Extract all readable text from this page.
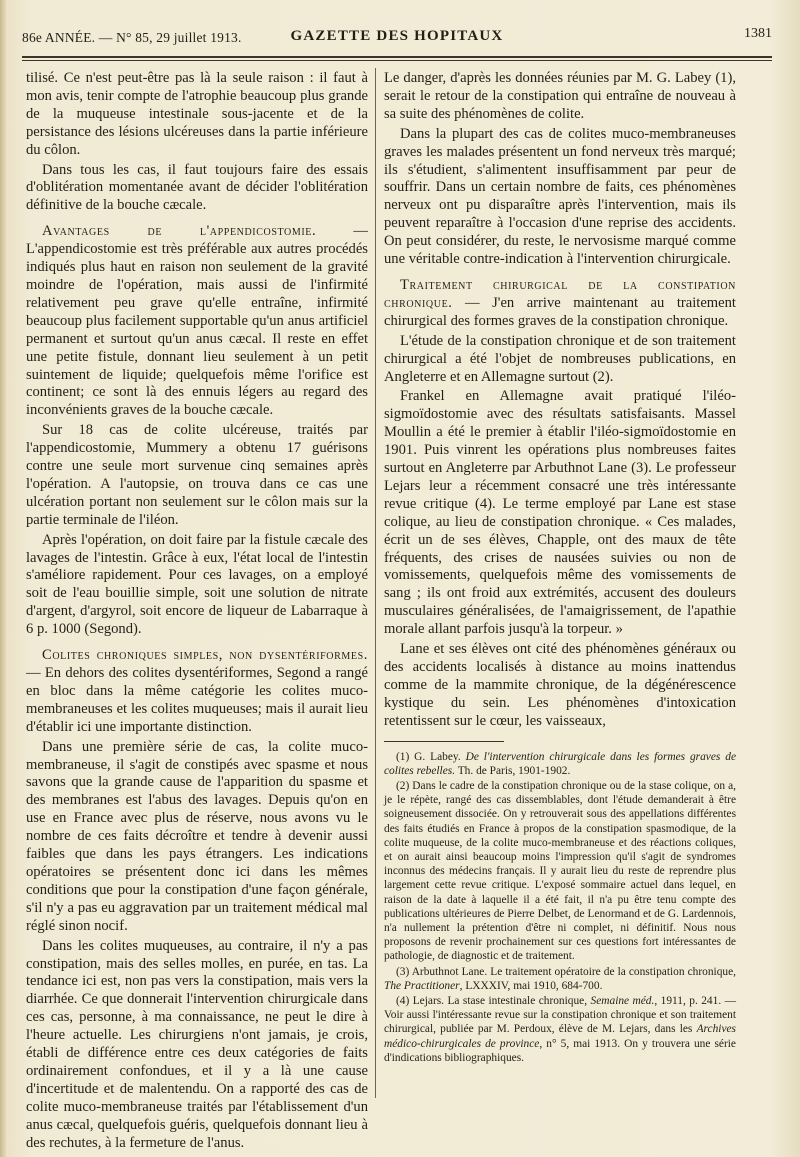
86e ANNÉE. — N° 85, 29 juillet 1913.	GAZETTE DES HOPITAUX	1381

tilisé. Ce n'est peut-être pas là la seule raison : il faut à mon avis, tenir compte de l'atrophie beaucoup plus grande de la muqueuse intestinale sous-jacente et de la persistance des lésions ulcéreuses dans la partie inférieure du côlon.

Dans tous les cas, il faut toujours faire des essais d'oblitération momentanée avant de décider l'oblitération définitive de la bouche cæcale.

Avantages de l'appendicostomie. — L'appendicostomie est très préférable aux autres procédés indiqués plus haut en raison non seulement de la gravité moindre de l'opération, mais aussi de l'infirmité relativement peu grave qu'elle entraîne, infirmité beaucoup plus facilement supportable qu'un anus artificiel permanent et surtout qu'un anus cæcal. Il reste en effet une petite fistule, donnant lieu seulement à un petit suintement de liquide; quelquefois même l'orifice est continent; ce sont là des ennuis légers au regard des inconvénients graves de la bouche cæcale.

Sur 18 cas de colite ulcéreuse, traités par l'appendicostomie, Mummery a obtenu 17 guérisons contre une seule mort survenue cinq semaines après l'opération. A l'autopsie, on trouva dans ce cas une ulcération portant non seulement sur le côlon mais sur la partie terminale de l'iléon.

Après l'opération, on doit faire par la fistule cæcale des lavages de l'intestin. Grâce à eux, l'état local de l'intestin s'améliore rapidement. Pour ces lavages, on a employé soit de l'eau bouillie simple, soit une solution de nitrate d'argent, d'argyrol, soit encore de liqueur de Labarraque à 6 p. 1000 (Segond).

Colites chroniques simples, non dysentériformes. — En dehors des colites dysentériformes, Segond a rangé en bloc dans la même catégorie les colites muco-membraneuses et les colites muqueuses; mais il aurait lieu d'établir ici une importante distinction.

Dans une première série de cas, la colite muco-membraneuse, il s'agit de constipés avec spasme et nous savons que la grande cause de l'apparition du spasme et des membranes est l'abus des lavages. Depuis qu'on en use en France avec plus de réserve, nous avons vu le nombre de ces faits décroître et tendre à devenir aussi faibles que dans les pays étrangers. Les indications opératoires se présentent donc ici dans les mêmes conditions que pour la constipation d'une façon générale, s'il n'y a pas eu aggravation par un traitement médical mal réglé sinon nocif.

Dans les colites muqueuses, au contraire, il n'y a pas constipation, mais des selles molles, en purée, en tas. La tendance ici est, non pas vers la constipation, mais vers la diarrhée. Ce que donnerait l'intervention chirurgicale dans ces cas, personne, à ma connaissance, ne peut le dire à l'heure actuelle. Les chirurgiens n'ont jamais, je crois, établi de différence entre ces deux catégories de faits ordinairement confondues, et il y a là une cause d'incertitude et de malentendu. On a rapporté des cas de colite muco-membraneuse traités par l'établissement d'un anus cæcal, quelquefois guéris, quelquefois donnant lieu à des rechutes, à la fermeture de l'anus.

Le danger, d'après les données réunies par M. G. Labey (1), serait le retour de la constipation qui entraîne de nouveau à sa suite des phénomènes de colite.

Dans la plupart des cas de colites muco-membraneuses graves les malades présentent un fond nerveux très marqué; ils s'étudient, s'alimentent insuffisamment par peur de souffrir. Dans un certain nombre de faits, ces phénomènes nerveux ont pu disparaître après l'intervention, mais ils peuvent reparaître à l'occasion d'une reprise des accidents. On peut considérer, du reste, le nervosisme marqué comme une véritable contre-indication à l'intervention chirurgicale.

Traitement chirurgical de la constipation chronique. — J'en arrive maintenant au traitement chirurgical des formes graves de la constipation chronique.

L'étude de la constipation chronique et de son traitement chirurgical a été l'objet de nombreuses publications, en Angleterre et en Allemagne surtout (2).

Frankel en Allemagne avait pratiqué l'iléo-sigmoïdostomie avec des résultats satisfaisants. Massel Moullin a été le premier à établir l'iléo-sigmoïdostomie en 1901. Puis vinrent les opérations plus nombreuses faites surtout en Angleterre par Arbuthnot Lane (3). Le professeur Lejars leur a récemment consacré une très intéressante revue critique (4). Le terme employé par Lane est stase colique, au lieu de constipation chronique. « Ces malades, écrit un de ses élèves, Chapple, ont des maux de tête fréquents, des crises de nausées suivies ou non de vomissements, quelquefois même des vomissements de sang ; ils ont froid aux extrémités, accusent des douleurs musculaires généralisées, de l'amaigrissement, de l'apathie morale allant parfois jusqu'à la torpeur. »

Lane et ses élèves ont cité des phénomènes généraux ou des accidents localisés à distance au moins inattendus comme de la mammite chronique, de la dégénérescence kystique du sein. Les phénomènes d'intoxication retentissent sur le cœur, les vaisseaux,

(1) G. Labey. De l'intervention chirurgicale dans les formes graves de colites rebelles. Th. de Paris, 1901-1902.

(2) Dans le cadre de la constipation chronique ou de la stase colique, on a, je le répète, rangé des cas dissemblables, dont l'étude demanderait à être soigneusement dissociée. On y retrouverait sous des appellations différentes des faits étudiés en France à propos de la constipation spasmodique, de la colite muqueuse, de la colite muco-membraneuse et des réactions coliques, et on aurait ainsi beaucoup moins l'impression qu'il s'agit de syndromes inconnus des médecins français. Il y aurait lieu du reste de reprendre plus largement cette revue critique. L'exposé sommaire actuel dans lequel, en raison de la date à laquelle il a été fait, il n'a pu être tenu compte des publications ultérieures de Pierre Delbet, de Lenormand et de G. Lardennois, n'a nullement la prétention d'être ni complet, ni définitif. Nous nous proposons de revenir prochainement sur ces questions fort intéressantes de pathologie, de diagnostic et de traitement.

(3) Arbuthnot Lane. Le traitement opératoire de la constipation chronique, The Practitioner, LXXXIV, mai 1910, 684-700.

(4) Lejars. La stase intestinale chronique, Semaine méd., 1911, p. 241. — Voir aussi l'intéressante revue sur la constipation chronique et son traitement chirurgical, publiée par M. Perdoux, élève de M. Lejars, dans les Archives médico-chirurgicales de province, n° 5, mai 1913. On y trouvera une série d'indications bibliographiques.
